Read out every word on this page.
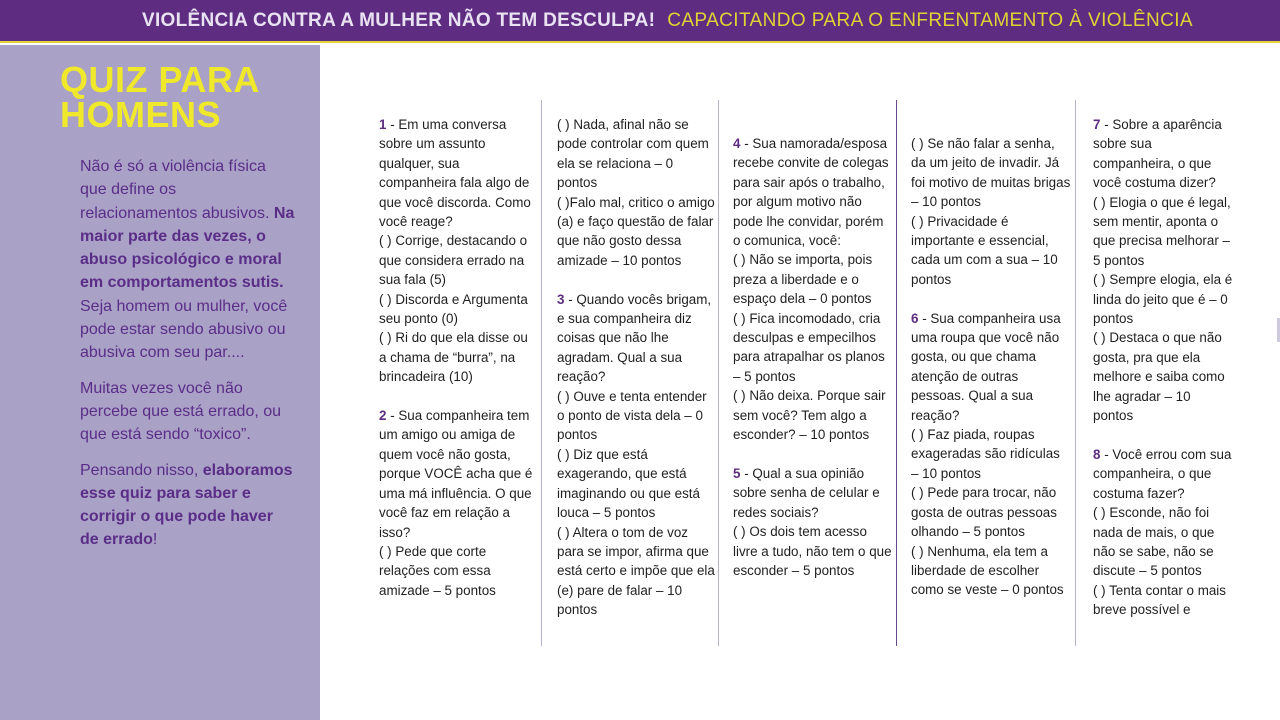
VIOLÊNCIA CONTRA A MULHER NÃO TEM DESCULPA! CAPACITANDO PARA O ENFRENTAMENTO À VIOLÊNCIA
QUIZ PARA
HOMENS

Não é só a violência física que define os relacionamentos abusivos. Na maior parte das vezes, o abuso psicológico e moral em comportamentos sutis. Seja homem ou mulher, você pode estar sendo abusivo ou abusiva com seu par....

Muitas vezes você não percebe que está errado, ou que está sendo “toxico”.

Pensando nisso, elaboramos esse quiz para saber e corrigir o que pode haver de errado!

1 - Em uma conversa sobre um assunto qualquer, sua companheira fala algo de que você discorda. Como você reage?

( ) Corrige, destacando o que considera errado na sua fala (5)
( ) Discorda e Argumenta seu ponto (0)
( ) Ri do que ela disse ou a chama de “burra”, na brincadeira (10)

2 - Sua companheira tem um amigo ou amiga de quem você não gosta, porque VOCÊ acha que é uma má influência. O que você faz em relação a isso?

( ) Pede que corte relações com essa amizade – 5 pontos
( ) Nada, afinal não se pode controlar com quem ela se relaciona – 0 pontos
( )Falo mal, critico o amigo (a) e faço questão de falar que não gosto dessa amizade – 10 pontos

3 - Quando vocês brigam, e sua companheira diz coisas que não lhe agradam. Qual a sua reação?

( ) Ouve e tenta entender o ponto de vista dela – 0 pontos
( ) Diz que está exagerando, que está imaginando ou que está louca – 5 pontos
( ) Altera o tom de voz para se impor, afirma que está certo e impõe que ela (e) pare de falar – 10 pontos

4 - Sua namorada/esposa recebe convite de colegas para sair após o trabalho, por algum motivo não pode lhe convidar, porém o comunica, você:

( ) Não se importa, pois preza a liberdade e o espaço dela – 0 pontos
( ) Fica incomodado, cria desculpas e empecilhos para atrapalhar os planos – 5 pontos
( ) Não deixa. Porque sair sem você? Tem algo a esconder? – 10 pontos

5 - Qual a sua opinião sobre senha de celular e redes sociais?

( ) Os dois tem acesso livre a tudo, não tem o que esconder – 5 pontos
( ) Se não falar a senha, da um jeito de invadir. Já foi motivo de muitas brigas – 10 pontos
( ) Privacidade é importante e essencial, cada um com a sua – 10 pontos

6 - Sua companheira usa uma roupa que você não gosta, ou que chama atenção de outras pessoas. Qual a sua reação?

( ) Faz piada, roupas exageradas são ridículas – 10 pontos
( ) Pede para trocar, não gosta de outras pessoas olhando – 5 pontos
( ) Nenhuma, ela tem a liberdade de escolher como se veste – 0 pontos

7 - Sobre a aparência sobre sua companheira, o que você costuma dizer?

( ) Elogia o que é legal, sem mentir, aponta o que precisa melhorar – 5 pontos
( ) Sempre elogia, ela é linda do jeito que é – 0 pontos
( ) Destaca o que não gosta, pra que ela melhore e saiba como lhe agradar – 10 pontos

8 - Você errou com sua companheira, o que costuma fazer?

( ) Esconde, não foi nada de mais, o que não se sabe, não se discute – 5 pontos
( ) Tenta contar o mais breve possível e
